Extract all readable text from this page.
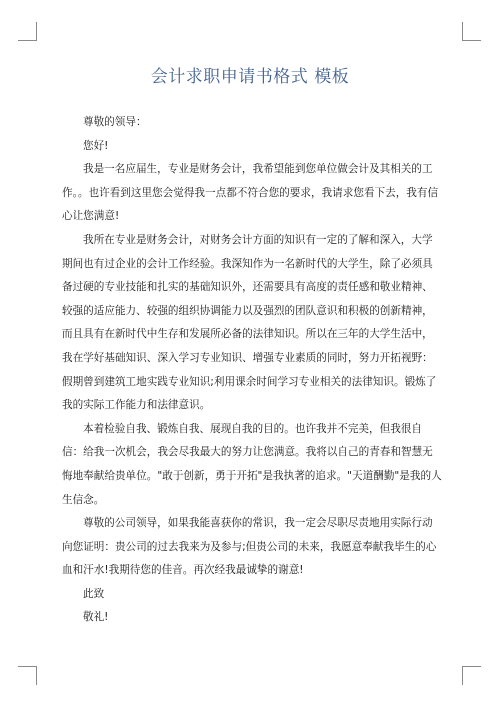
会计求职申请书格式 模板

尊敬的领导：

您好!

我是一名应届生，专业是财务会计，我希望能到您单位做会计及其相关的工作。。也许看到这里您会觉得我一点都不符合您的要求，我请求您看下去，我有信心让您满意!

我所在专业是财务会计，对财务会计方面的知识有一定的了解和深入，大学期间也有过企业的会计工作经验。我深知作为一名新时代的大学生，除了必须具备过硬的专业技能和扎实的基础知识外，还需要具有高度的责任感和敬业精神、较强的适应能力、较强的组织协调能力以及强烈的团队意识和积极的创新精神，而且具有在新时代中生存和发展所必备的法律知识。所以在三年的大学生活中，我在学好基础知识、深入学习专业知识、增强专业素质的同时，努力开拓视野：假期曾到建筑工地实践专业知识;利用课余时间学习专业相关的法律知识。锻炼了我的实际工作能力和法律意识。

本着检验自我、锻炼自我、展现自我的目的。也许我并不完美，但我很自信：给我一次机会，我会尽我最大的努力让您满意。我将以自己的青春和智慧无悔地奉献给贵单位。"敢于创新，勇于开拓"是我执著的追求。"天道酬勤"是我的人生信念。

尊敬的公司领导，如果我能喜获你的常识，我一定会尽职尽责地用实际行动向您证明：贵公司的过去我来为及参与;但贵公司的未来，我愿意奉献我毕生的心血和汗水!我期待您的佳音。再次经我最诚挚的谢意!

此致

敬礼!
